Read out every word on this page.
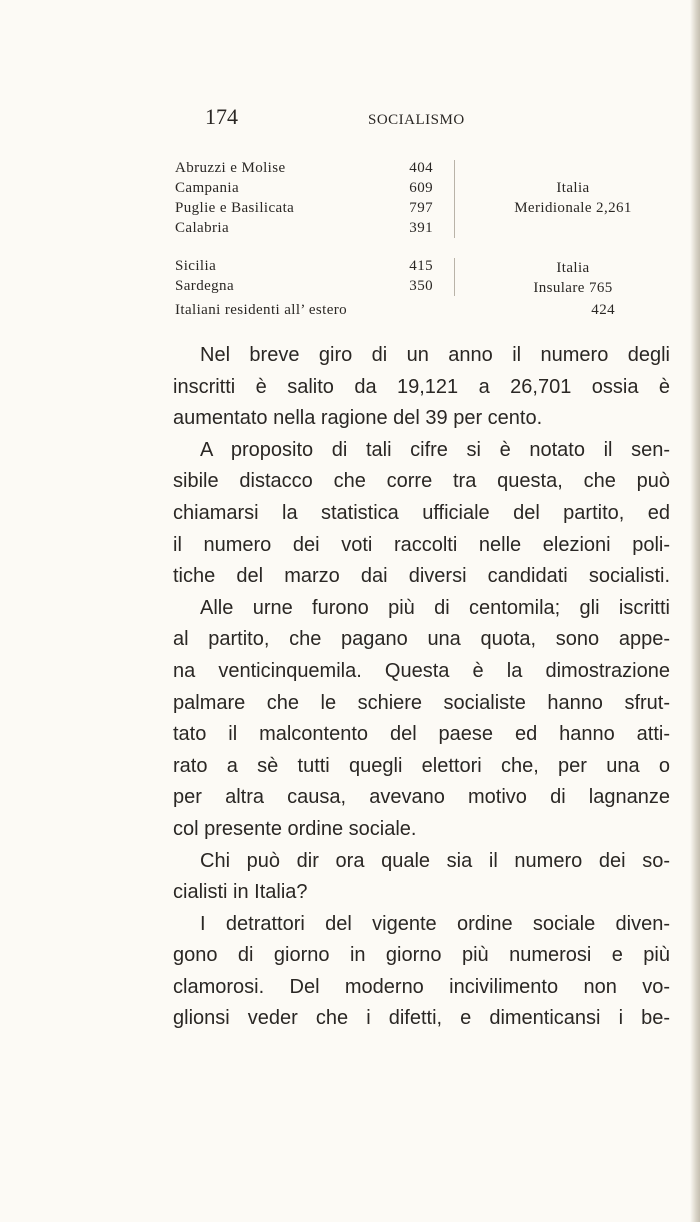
174	SOCIALISMO
Abruzzi e Molise	404
Campania	609
Puglie e Basilicata	797
Calabria	391
Italia
Meridionale 2,261
Sicilia	415
Sardegna	350
Italia
Insulare 765
Italiani residenti all’ estero	424
Nel breve giro di un anno il numero degli
inscritti è salito da 19,121 a 26,701 ossia è
aumentato nella ragione del 39 per cento.
A proposito di tali cifre si è notato il sen-
sibile distacco che corre tra questa, che può
chiamarsi la statistica ufficiale del partito, ed
il numero dei voti raccolti nelle elezioni poli-
tiche del marzo dai diversi candidati socialisti.
Alle urne furono più di centomila; gli iscritti
al partito, che pagano una quota, sono appe-
na venticinquemila. Questa è la dimostrazione
palmare che le schiere socialiste hanno sfrut-
tato il malcontento del paese ed hanno atti-
rato a sè tutti quegli elettori che, per una o
per altra causa, avevano motivo di lagnanze
col presente ordine sociale.
Chi può dir ora quale sia il numero dei so-
cialisti in Italia?
I detrattori del vigente ordine sociale diven-
gono di giorno in giorno più numerosi e più
clamorosi. Del moderno incivilimento non vo-
glionsi veder che i difetti, e dimenticansi i be-
